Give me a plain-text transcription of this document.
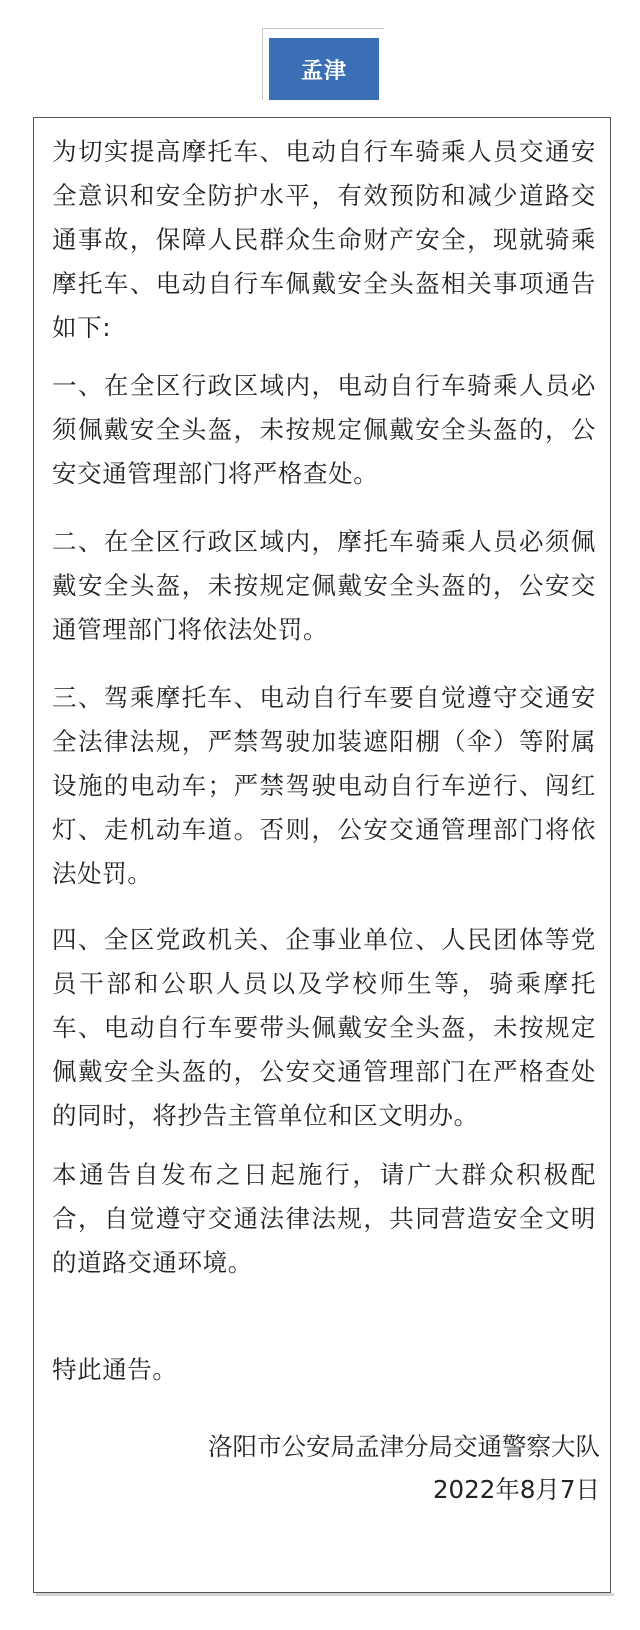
孟津

为切实提高摩托车、电动自行车骑乘人员交通安全意识和安全防护水平，有效预防和减少道路交通事故，保障人民群众生命财产安全，现就骑乘摩托车、电动自行车佩戴安全头盔相关事项通告如下:

一、在全区行政区域内，电动自行车骑乘人员必须佩戴安全头盔，未按规定佩戴安全头盔的，公安交通管理部门将严格查处。

二、在全区行政区域内，摩托车骑乘人员必须佩戴安全头盔，未按规定佩戴安全头盔的，公安交通管理部门将依法处罚。

三、驾乘摩托车、电动自行车要自觉遵守交通安全法律法规，严禁驾驶加装遮阳棚（伞）等附属设施的电动车；严禁驾驶电动自行车逆行、闯红灯、走机动车道。否则，公安交通管理部门将依法处罚。

四、全区党政机关、企事业单位、人民团体等党员干部和公职人员以及学校师生等，骑乘摩托车、电动自行车要带头佩戴安全头盔，未按规定佩戴安全头盔的，公安交通管理部门在严格查处的同时，将抄告主管单位和区文明办。

本通告自发布之日起施行，请广大群众积极配合，自觉遵守交通法律法规，共同营造安全文明的道路交通环境。

特此通告。

洛阳市公安局孟津分局交通警察大队

2022年8月7日
